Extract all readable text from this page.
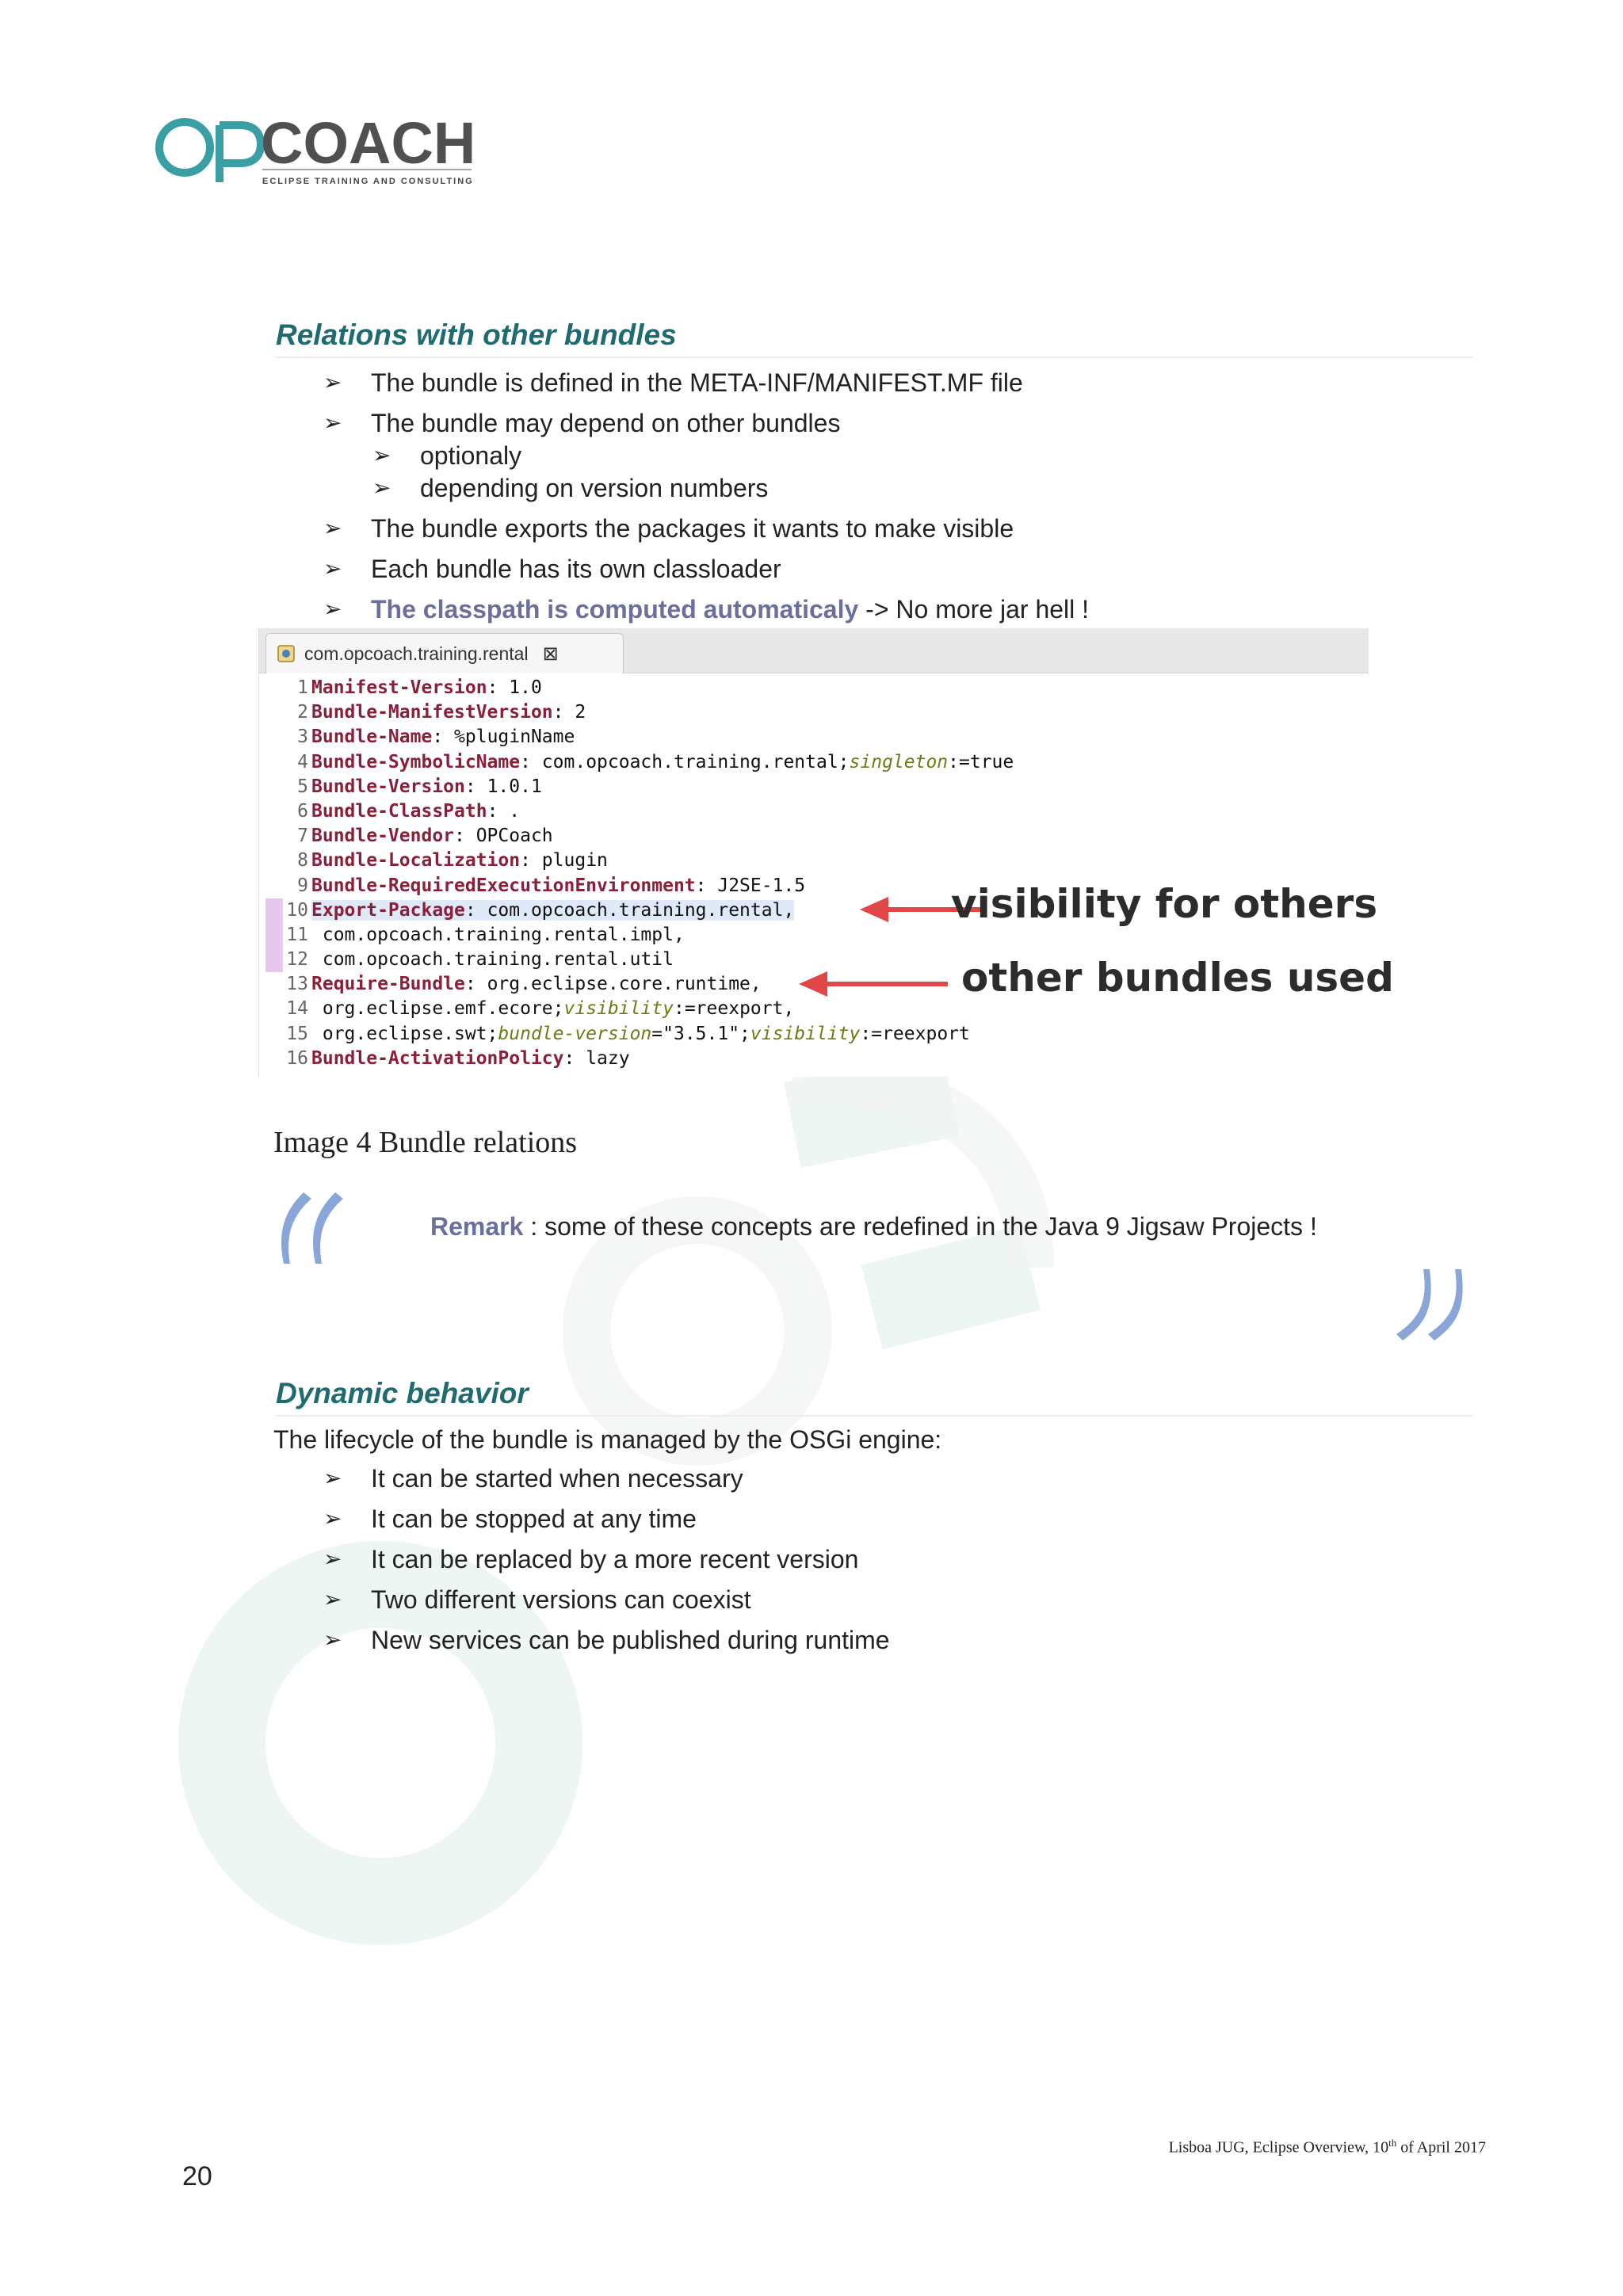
COACH
ECLIPSE TRAINING AND CONSULTING
Relations with other bundles
➢ The bundle is defined in the META-INF/MANIFEST.MF file
➢ The bundle may depend on other bundles
➢ optionaly
➢ depending on version numbers
➢ The bundle exports the packages it wants to make visible
➢ Each bundle has its own classloader
➢ The classpath is computed automaticaly -> No more jar hell !
com.opcoach.training.rental ⊠
1 Manifest-Version: 1.0
2 Bundle-ManifestVersion: 2
3 Bundle-Name: %pluginName
4 Bundle-SymbolicName: com.opcoach.training.rental;singleton:=true
5 Bundle-Version: 1.0.1
6 Bundle-ClassPath: .
7 Bundle-Vendor: OPCoach
8 Bundle-Localization: plugin
9 Bundle-RequiredExecutionEnvironment: J2SE-1.5
10 Export-Package: com.opcoach.training.rental,
11 com.opcoach.training.rental.impl,
12 com.opcoach.training.rental.util
13 Require-Bundle: org.eclipse.core.runtime,
14 org.eclipse.emf.ecore;visibility:=reexport,
15 org.eclipse.swt;bundle-version="3.5.1";visibility:=reexport
16 Bundle-ActivationPolicy: lazy
visibility for others
other bundles used
Image 4 Bundle relations
Remark : some of these concepts are redefined in the Java 9 Jigsaw Projects !
Dynamic behavior
The lifecycle of the bundle is managed by the OSGi engine:
➢ It can be started when necessary
➢ It can be stopped at any time
➢ It can be replaced by a more recent version
➢ Two different versions can coexist
➢ New services can be published during runtime
20
Lisboa JUG, Eclipse Overview, 10th of April 2017
